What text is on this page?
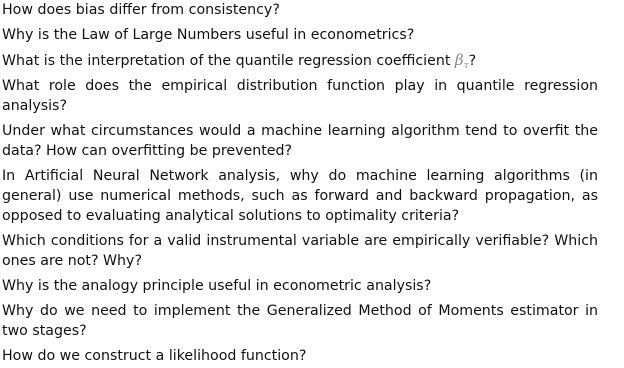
How does bias differ from consistency?

Why is the Law of Large Numbers useful in econometrics?

What is the interpretation of the quantile regression coefficient $\beta_\tau$?

What role does the empirical distribution function play in quantile regression analysis?

Under what circumstances would a machine learning algorithm tend to overfit the data? How can overfitting be prevented?

In Artificial Neural Network analysis, why do machine learning algorithms (in general) use numerical methods, such as forward and backward propagation, as opposed to evaluating analytical solutions to optimality criteria?

Which conditions for a valid instrumental variable are empirically verifiable? Which ones are not? Why?

Why is the analogy principle useful in econometric analysis?

Why do we need to implement the Generalized Method of Moments estimator in two stages?

How do we construct a likelihood function?
